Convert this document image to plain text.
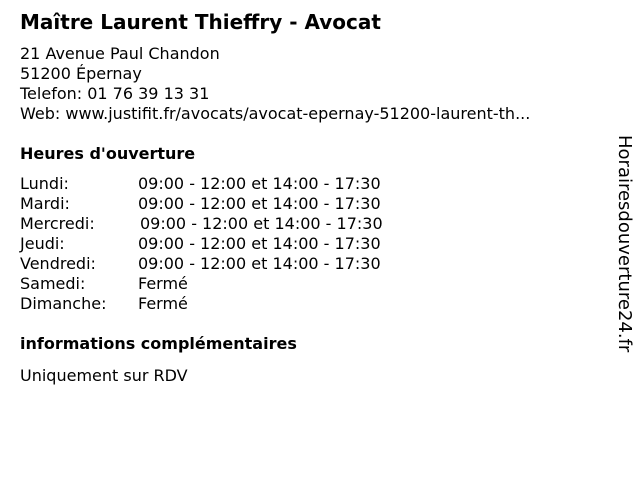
Maître Laurent Thieffry - Avocat
21 Avenue Paul Chandon
51200 Épernay
Telefon: 01 76 39 13 31
Web: www.justifit.fr/avocats/avocat-epernay-51200-laurent-th...
Heures d'ouverture
Lundi:	09:00 - 12:00 et 14:00 - 17:30
Mardi:	09:00 - 12:00 et 14:00 - 17:30
Mercredi:	09:00 - 12:00 et 14:00 - 17:30
Jeudi:	09:00 - 12:00 et 14:00 - 17:30
Vendredi:	09:00 - 12:00 et 14:00 - 17:30
Samedi:	Fermé
Dimanche: Fermé
informations complémentaires
Uniquement sur RDV
Horairesdouverture24.fr
